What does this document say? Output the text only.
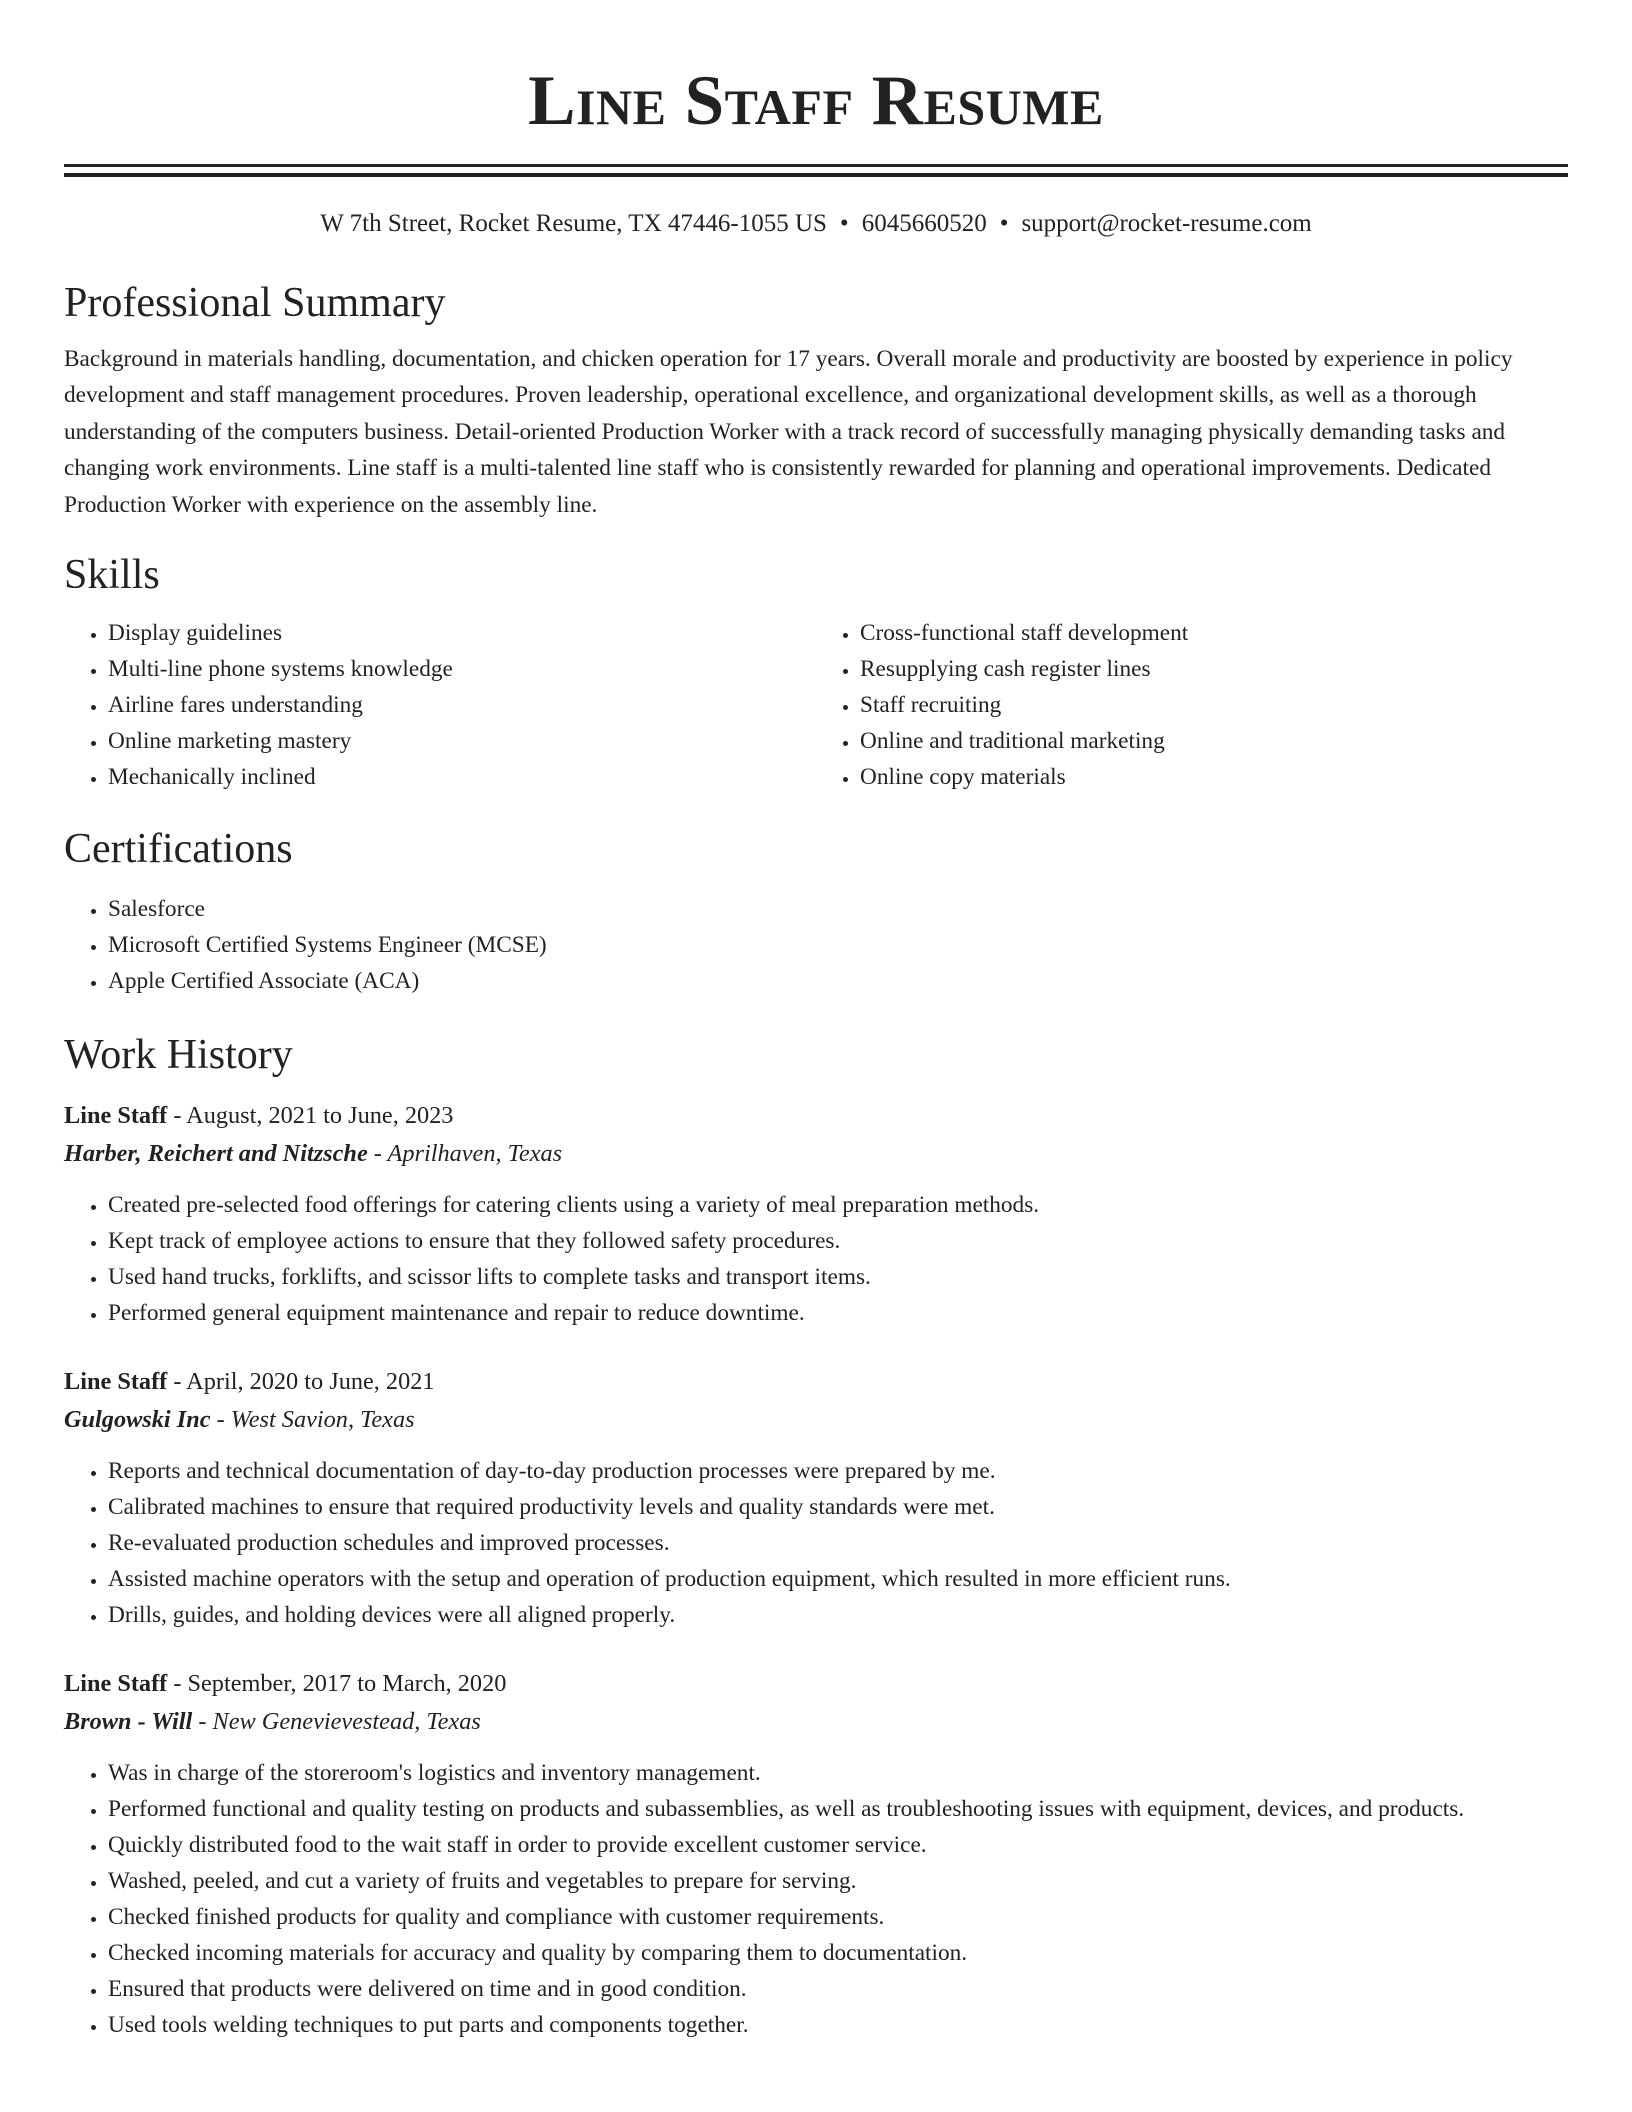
Line Staff Resume
W 7th Street, Rocket Resume, TX 47446-1055 US • 6045660520 • support@rocket-resume.com
Professional Summary

Background in materials handling, documentation, and chicken operation for 17 years. Overall morale and productivity are boosted by experience in policy development and staff management procedures. Proven leadership, operational excellence, and organizational development skills, as well as a thorough understanding of the computers business. Detail-oriented Production Worker with a track record of successfully managing physically demanding tasks and changing work environments. Line staff is a multi-talented line staff who is consistently rewarded for planning and operational improvements. Dedicated Production Worker with experience on the assembly line.

Skills
• Display guidelines
• Multi-line phone systems knowledge
• Airline fares understanding
• Online marketing mastery
• Mechanically inclined
• Cross-functional staff development
• Resupplying cash register lines
• Staff recruiting
• Online and traditional marketing
• Online copy materials
Certifications
• Salesforce
• Microsoft Certified Systems Engineer (MCSE)
• Apple Certified Associate (ACA)
Work History
Line Staff - August, 2021 to June, 2023
Harber, Reichert and Nitzsche - Aprilhaven, Texas
• Created pre-selected food offerings for catering clients using a variety of meal preparation methods.
• Kept track of employee actions to ensure that they followed safety procedures.
• Used hand trucks, forklifts, and scissor lifts to complete tasks and transport items.
• Performed general equipment maintenance and repair to reduce downtime.
Line Staff - April, 2020 to June, 2021
Gulgowski Inc - West Savion, Texas
• Reports and technical documentation of day-to-day production processes were prepared by me.
• Calibrated machines to ensure that required productivity levels and quality standards were met.
• Re-evaluated production schedules and improved processes.
• Assisted machine operators with the setup and operation of production equipment, which resulted in more efficient runs.
• Drills, guides, and holding devices were all aligned properly.
Line Staff - September, 2017 to March, 2020
Brown - Will - New Genevievestead, Texas
• Was in charge of the storeroom's logistics and inventory management.
• Performed functional and quality testing on products and subassemblies, as well as troubleshooting issues with equipment, devices, and products.
• Quickly distributed food to the wait staff in order to provide excellent customer service.
• Washed, peeled, and cut a variety of fruits and vegetables to prepare for serving.
• Checked finished products for quality and compliance with customer requirements.
• Checked incoming materials for accuracy and quality by comparing them to documentation.
• Ensured that products were delivered on time and in good condition.
• Used tools welding techniques to put parts and components together.
